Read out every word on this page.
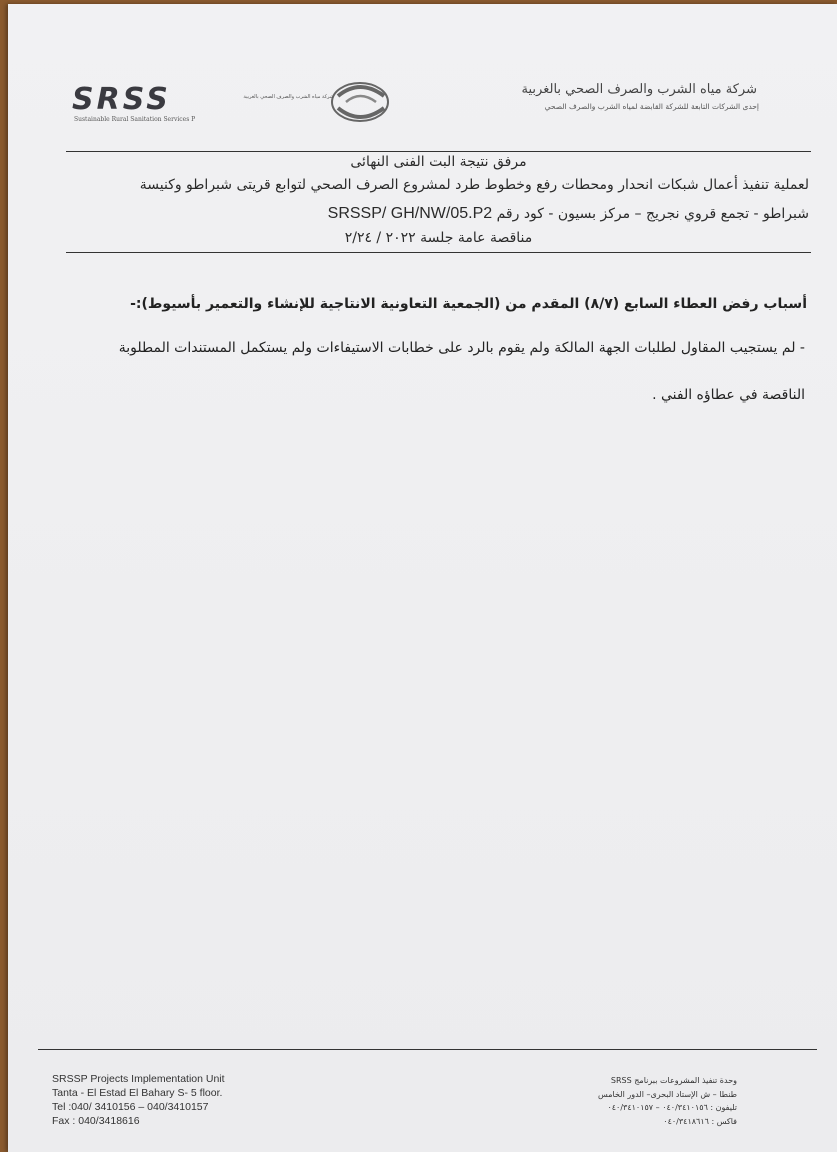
SRSS
Sustainable Rural Sanitation Services P
شركة مياه الشرب والصرف الصحي بالغربية	شركة مياه الشرب والصرف الصحي بالغربية
إحدى الشركات التابعة للشركة القابضة لمياه الشرب والصرف الصحي
مرفق نتيجة البت الفنى النهائى
لعملية تنفيذ أعمال شبكات انحدار ومحطات رفع وخطوط طرد لمشروع الصرف الصحي لتوابع قريتى شبراطو وكنيسة
شبراطو - تجمع قروي نجريج – مركز بسيون - كود رقم SRSSP/ GH/NW/05.P2
مناقصة عامة جلسة ٢٠٢٢ / ٢/٢٤
أسباب رفض العطاء السابع (٨/٧) المقدم من (الجمعية التعاونية الانتاجية للإنشاء والتعمير بأسيوط):-
- لم يستجيب المقاول لطلبات الجهة المالكة ولم يقوم بالرد على خطابات الاستيفاءات ولم يستكمل المستندات المطلوبة
الناقصة في عطاؤه الفني .
SRSSP Projects Implementation Unit
Tanta - El Estad El Bahary S- 5 floor.
Tel :040/ 3410156 – 040/3410157
Fax : 040/3418616
وحدة تنفيذ المشروعات ببرنامج SRSS
طنطا – ش الإستاد البحرى– الدور الخامس
تليفون : ٠٤٠/٣٤١٠١٥٦ – ٠٤٠/٣٤١٠١٥٧
فاكس : ٠٤٠/٣٤١٨٦١٦
